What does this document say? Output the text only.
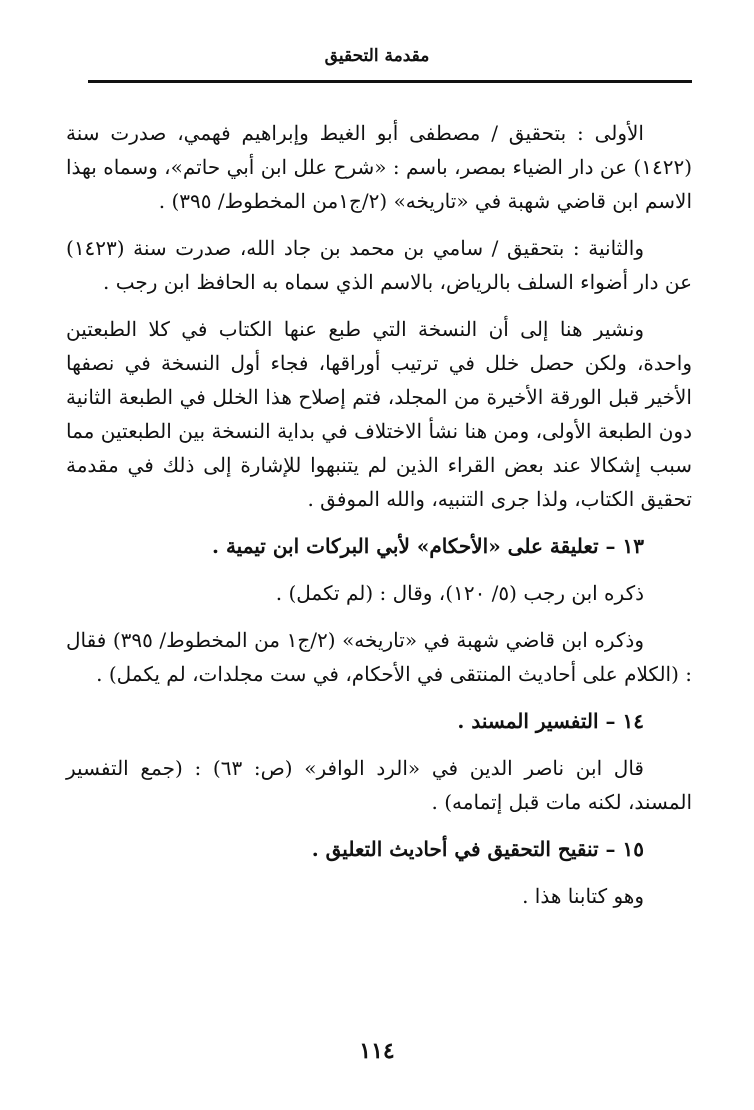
مقدمة التحقيق

الأولى : بتحقيق / مصطفى أبو الغيط وإبراهيم فهمي، صدرت سنة (١٤٢٢) عن دار الضياء بمصر، باسم : «شرح علل ابن أبي حاتم»، وسماه بهذا الاسم ابن قاضي شهبة في «تاريخه» (٢/ج١من المخطوط/ ٣٩٥) .

والثانية : بتحقيق / سامي بن محمد بن جاد الله، صدرت سنة (١٤٢٣) عن دار أضواء السلف بالرياض، بالاسم الذي سماه به الحافظ ابن رجب .

ونشير هنا إلى أن النسخة التي طبع عنها الكتاب في كلا الطبعتين واحدة، ولكن حصل خلل في ترتيب أوراقها، فجاء أول النسخة في نصفها الأخير قبل الورقة الأخيرة من المجلد، فتم إصلاح هذا الخلل في الطبعة الثانية دون الطبعة الأولى، ومن هنا نشأ الاختلاف في بداية النسخة بين الطبعتين مما سبب إشكالا عند بعض القراء الذين لم يتنبهوا للإشارة إلى ذلك في مقدمة تحقيق الكتاب، ولذا جرى التنبيه، والله الموفق .

١٣ – تعليقة على «الأحكام» لأبي البركات ابن تيمية .

ذكره ابن رجب (٥/ ١٢٠)، وقال : (لم تكمل) .

وذكره ابن قاضي شهبة في «تاريخه» (٢/ج١ من المخطوط/ ٣٩٥) فقال : (الكلام على أحاديث المنتقى في الأحكام، في ست مجلدات، لم يكمل) .

١٤ – التفسير المسند .

قال ابن ناصر الدين في «الرد الوافر» (ص: ٦٣) : (جمع التفسير المسند، لكنه مات قبل إتمامه) .

١٥ – تنقيح التحقيق في أحاديث التعليق .

وهو كتابنا هذا .

١١٤
